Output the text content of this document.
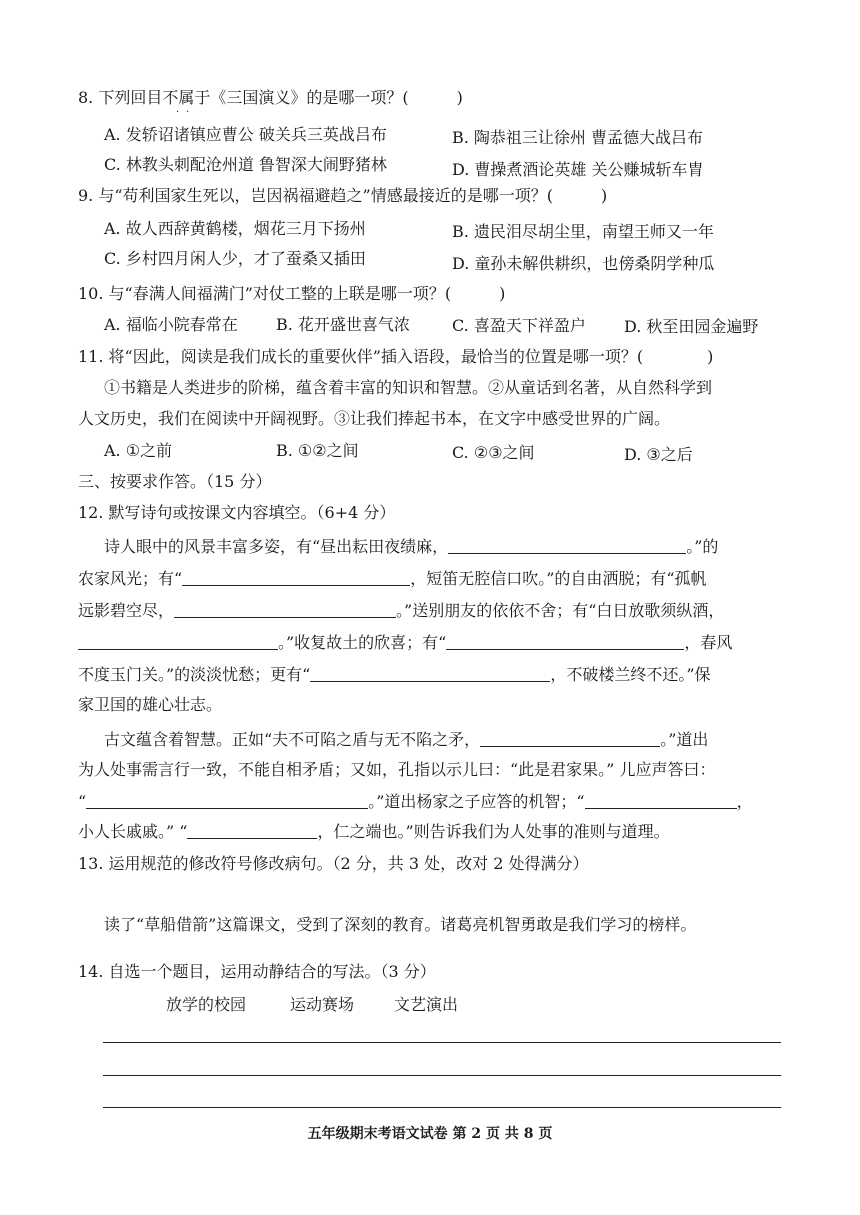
8. 下列回目不属于《三国演义》的是哪一项？(　　　)
··
A. 发轿诏诸镇应曹公 破关兵三英战吕布	B. 陶恭祖三让徐州 曹孟德大战吕布
C. 林教头刺配沧州道 鲁智深大闹野猪林	D. 曹操煮酒论英雄 关公赚城斩车胄
9. 与“苟利国家生死以，岂因祸福避趋之”情感最接近的是哪一项？(　　　)
A. 故人西辞黄鹤楼，烟花三月下扬州	B. 遗民泪尽胡尘里，南望王师又一年
C. 乡村四月闲人少，才了蚕桑又插田	D. 童孙未解供耕织，也傍桑阴学种瓜
10. 与“春满人间福满门”对仗工整的上联是哪一项？(　　　)
A. 福临小院春常在 B. 花开盛世喜气浓	C. 喜盈天下祥盈户 D. 秋至田园金遍野
11. 将“因此，阅读是我们成长的重要伙伴”插入语段，最恰当的位置是哪一项？(　　　　)
①书籍是人类进步的阶梯，蕴含着丰富的知识和智慧。②从童话到名著，从自然科学到
人文历史，我们在阅读中开阔视野。③让我们捧起书本，在文字中感受世界的广阔。
A. ①之前	B. ①②之间	C. ②③之间	D. ③之后
三、按要求作答。（15 分）
12. 默写诗句或按课文内容填空。（6+4 分）
诗人眼中的风景丰富多姿，有“昼出耘田夜绩麻，	。”的
农家风光；有“	，短笛无腔信口吹。”的自由洒脱；有“孤帆
远影碧空尽，	。”送别朋友的依依不舍；有“白日放歌须纵酒，
。”收复故土的欣喜；有“	，春风
不度玉门关。”的淡淡忧愁；更有“	，不破楼兰终不还。”保
家卫国的雄心壮志。
古文蕴含着智慧。正如“夫不可陷之盾与无不陷之矛，	。”道出
为人处事需言行一致，不能自相矛盾；又如，孔指以示儿曰：“此是君家果。” 儿应声答曰：
“	。”道出杨家之子应答的机智；“	，
小人长戚戚。” “	，仁之端也。”则告诉我们为人处事的准则与道理。
13. 运用规范的修改符号修改病句。（2 分，共 3 处，改对 2 处得满分）
读了“草船借箭”这篇课文，受到了深刻的教育。诸葛亮机智勇敢是我们学习的榜样。
14. 自选一个题目，运用动静结合的写法。（3 分）
放学的校园	运动赛场 文艺演出
五年级期末考语文试卷 第 2 页 共 8 页
